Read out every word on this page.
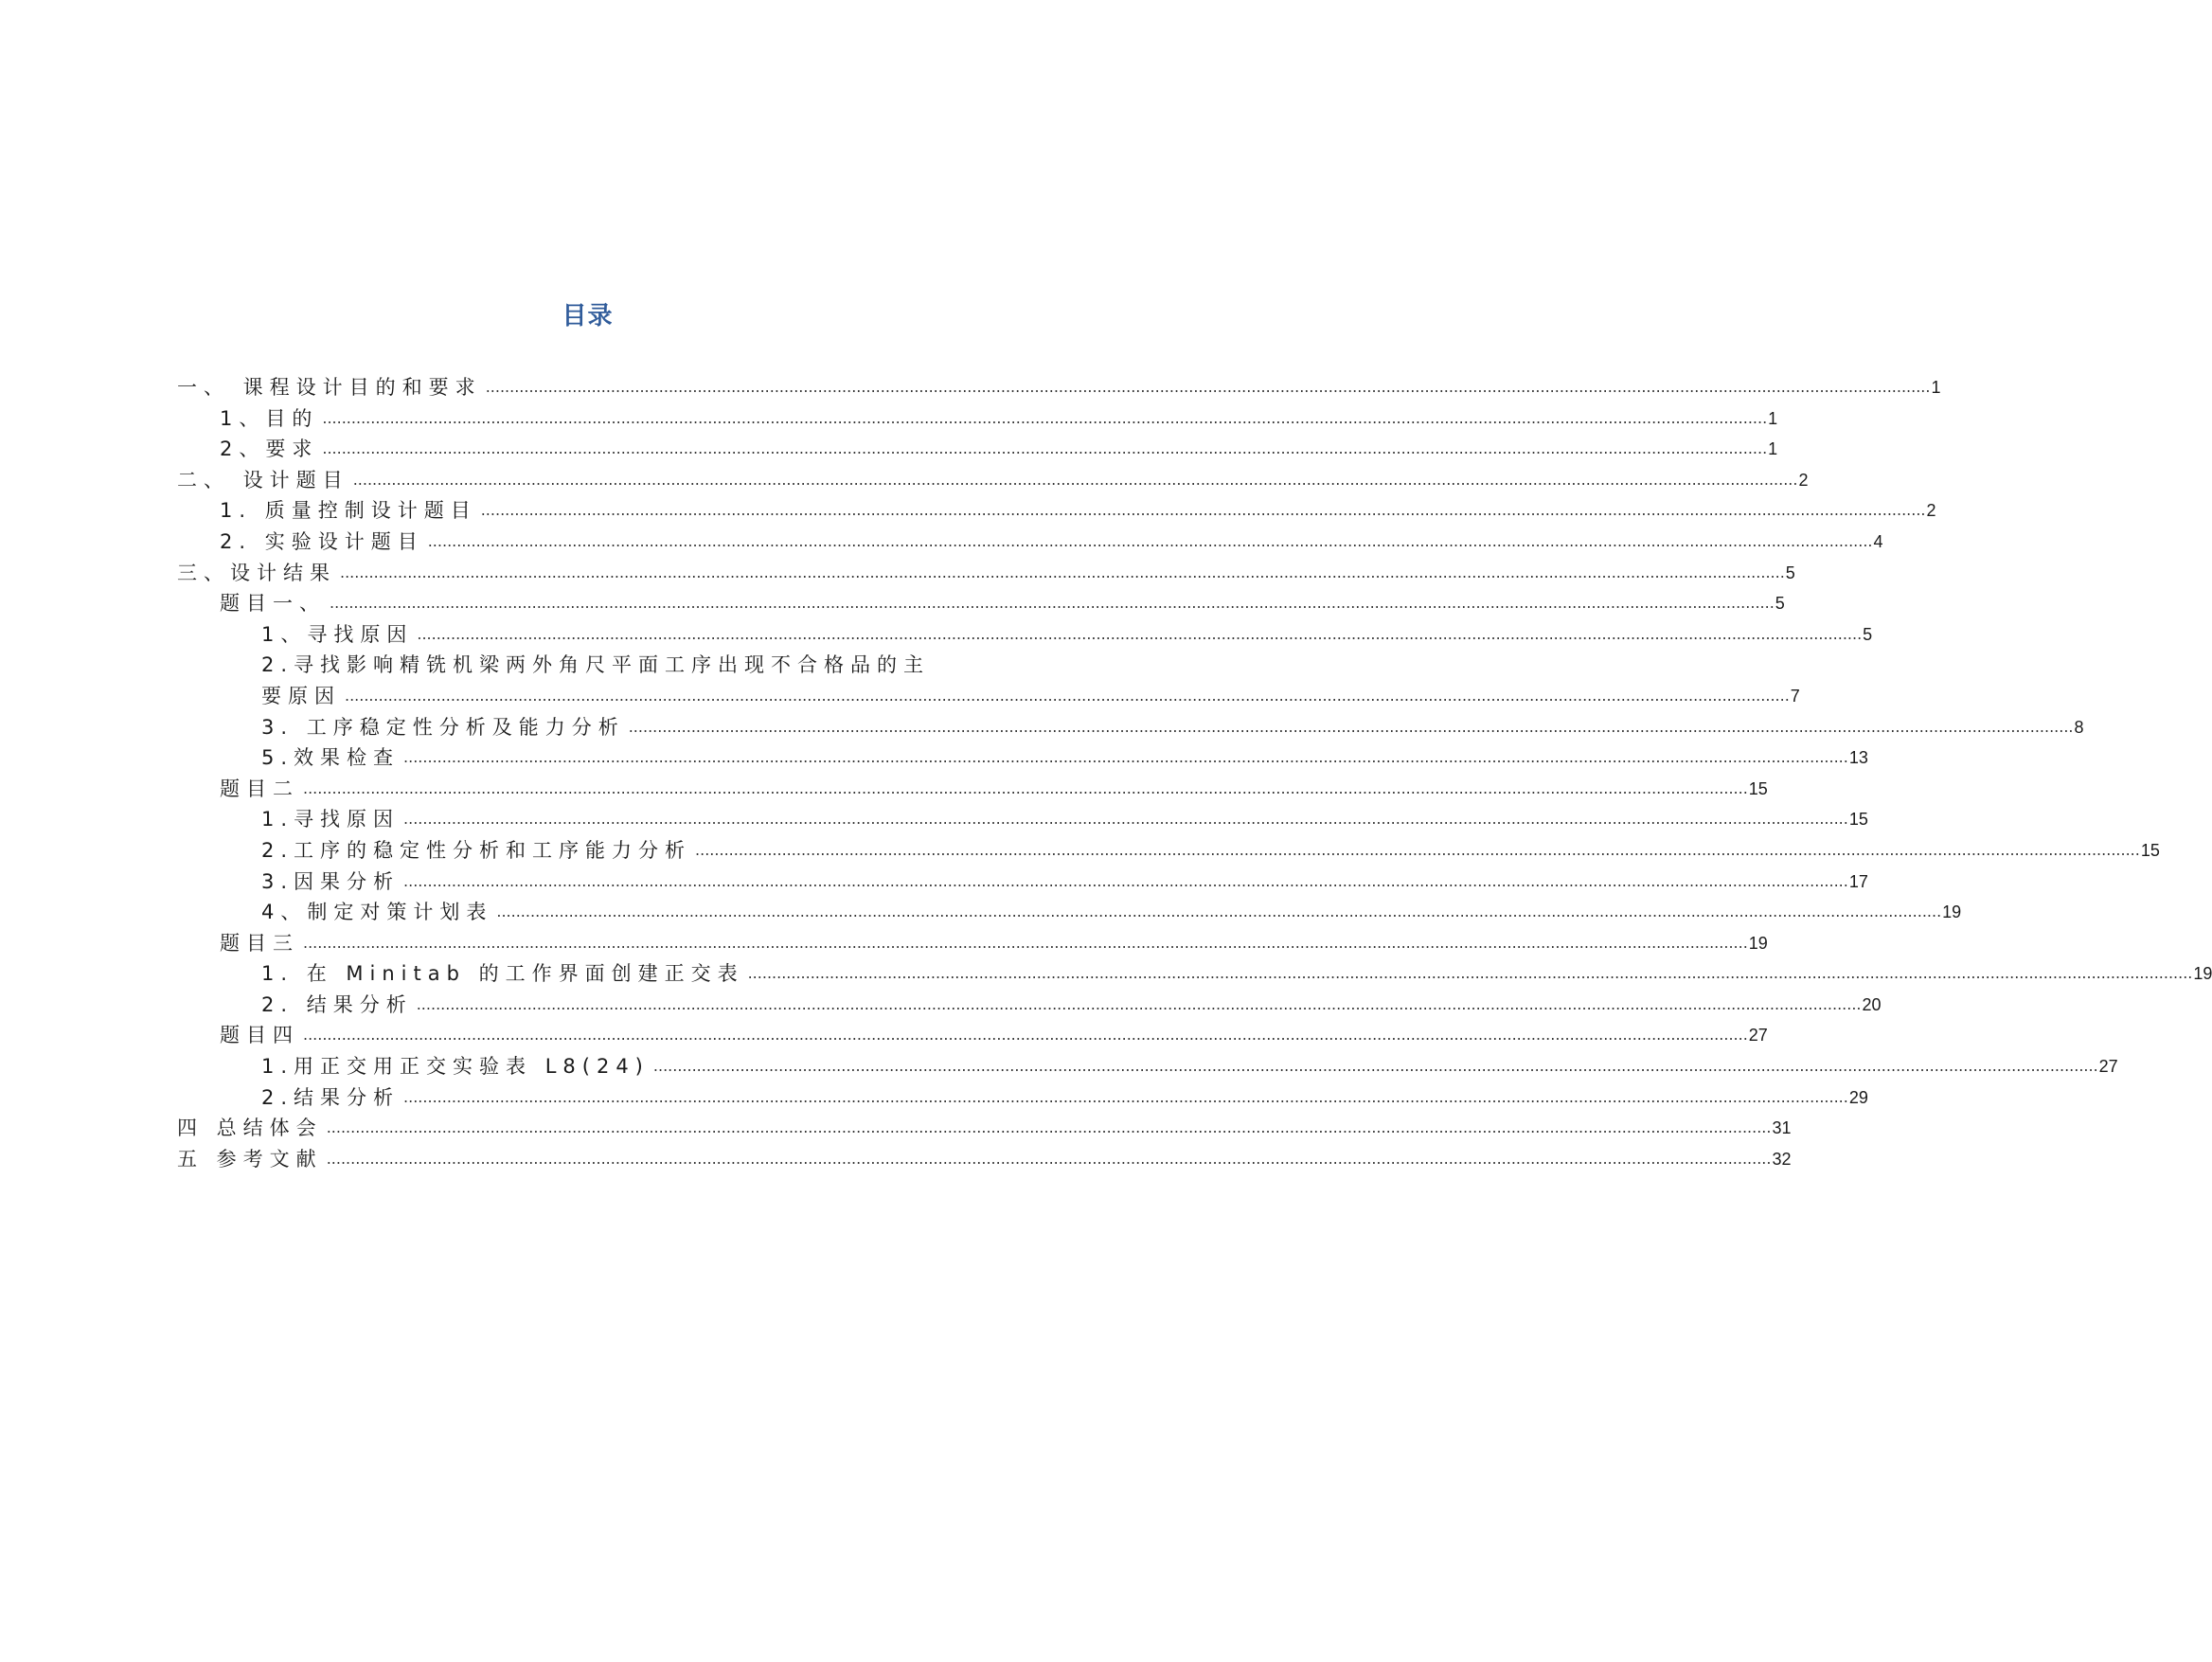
目录
一、 课程设计目的和要求 ............................................................................................................................................................................................................................................................................................................ 1
1、目的 ............................................................................................................................................................................................................................................................................................................ 1
2、要求 ............................................................................................................................................................................................................................................................................................................ 1
二、 设计题目 ............................................................................................................................................................................................................................................................................................................ 2
1. 质量控制设计题目 ............................................................................................................................................................................................................................................................................................................ 2
2. 实验设计题目 ............................................................................................................................................................................................................................................................................................................ 4
三、设计结果 ............................................................................................................................................................................................................................................................................................................ 5
题目一、 ............................................................................................................................................................................................................................................................................................................ 5
1、寻找原因 ............................................................................................................................................................................................................................................................................................................ 5
2.寻找影响精铣机梁两外角尺平面工序出现不合格品的主
要原因 ............................................................................................................................................................................................................................................................................................................ 7
3. 工序稳定性分析及能力分析 ............................................................................................................................................................................................................................................................................................................ 8
5.效果检查 ............................................................................................................................................................................................................................................................................................................ 13
题目二 ............................................................................................................................................................................................................................................................................................................ 15
1.寻找原因 ............................................................................................................................................................................................................................................................................................................ 15
2.工序的稳定性分析和工序能力分析 ............................................................................................................................................................................................................................................................................................................ 15
3.因果分析 ............................................................................................................................................................................................................................................................................................................ 17
4、制定对策计划表 ............................................................................................................................................................................................................................................................................................................ 19
题目三 ............................................................................................................................................................................................................................................................................................................ 19
1. 在 Minitab 的工作界面创建正交表 ............................................................................................................................................................................................................................................................................................................ 19
2. 结果分析 ............................................................................................................................................................................................................................................................................................................ 20
题目四 ............................................................................................................................................................................................................................................................................................................ 27
1.用正交用正交实验表 L8(24) ............................................................................................................................................................................................................................................................................................................ 27
2.结果分析 ............................................................................................................................................................................................................................................................................................................ 29
四 总结体会 ............................................................................................................................................................................................................................................................................................................ 31
五 参考文献 ............................................................................................................................................................................................................................................................................................................ 32
